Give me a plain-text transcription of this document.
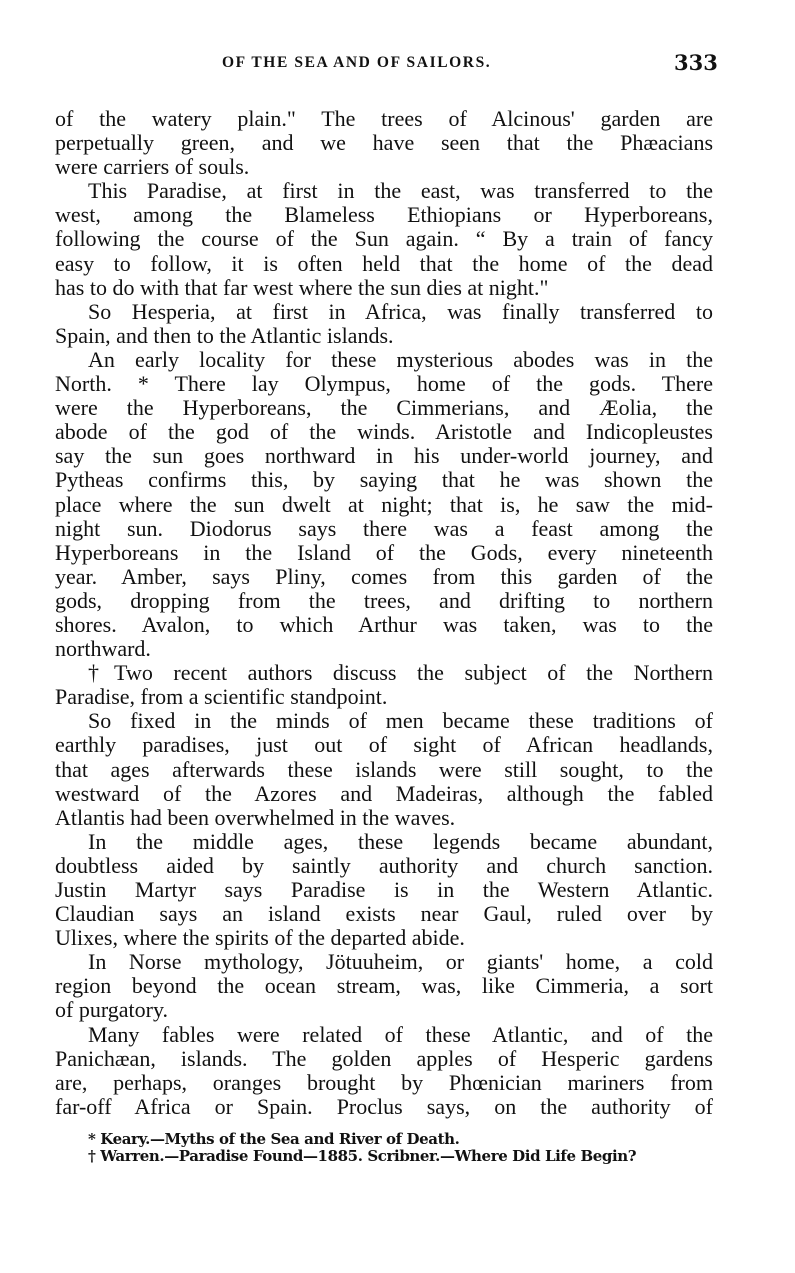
OF THE SEA AND OF SAILORS.	333
of the watery plain." The trees of Alcinous' garden are
perpetually green, and we have seen that the Phæacians
were carriers of souls.
This Paradise, at first in the east, was transferred to the
west, among the Blameless Ethiopians or Hyperboreans,
following the course of the Sun again. “ By a train of fancy
easy to follow, it is often held that the home of the dead
has to do with that far west where the sun dies at night."
So Hesperia, at first in Africa, was finally transferred to
Spain, and then to the Atlantic islands.
An early locality for these mysterious abodes was in the
North. * There lay Olympus, home of the gods. There
were the Hyperboreans, the Cimmerians, and Æolia, the
abode of the god of the winds. Aristotle and Indicopleustes
say the sun goes northward in his under-world journey, and
Pytheas confirms this, by saying that he was shown the
place where the sun dwelt at night; that is, he saw the mid-
night sun. Diodorus says there was a feast among the
Hyperboreans in the Island of the Gods, every nineteenth
year. Amber, says Pliny, comes from this garden of the
gods, dropping from the trees, and drifting to northern
shores. Avalon, to which Arthur was taken, was to the
northward.
†Two recent authors discuss the subject of the Northern
Paradise, from a scientific standpoint.
So fixed in the minds of men became these traditions of
earthly paradises, just out of sight of African headlands,
that ages afterwards these islands were still sought, to the
westward of the Azores and Madeiras, although the fabled
Atlantis had been overwhelmed in the waves.
In the middle ages, these legends became abundant,
doubtless aided by saintly authority and church sanction.
Justin Martyr says Paradise is in the Western Atlantic.
Claudian says an island exists near Gaul, ruled over by
Ulixes, where the spirits of the departed abide.
In Norse mythology, Jötuuheim, or giants' home, a cold
region beyond the ocean stream, was, like Cimmeria, a sort
of purgatory.
Many fables were related of these Atlantic, and of the
Panichæan, islands. The golden apples of Hesperic gardens
are, perhaps, oranges brought by Phœnician mariners from
far-off Africa or Spain. Proclus says, on the authority of
* Keary.—Myths of the Sea and River of Death.
† Warren.—Paradise Found—1885. Scribner.—Where Did Life Begin?
